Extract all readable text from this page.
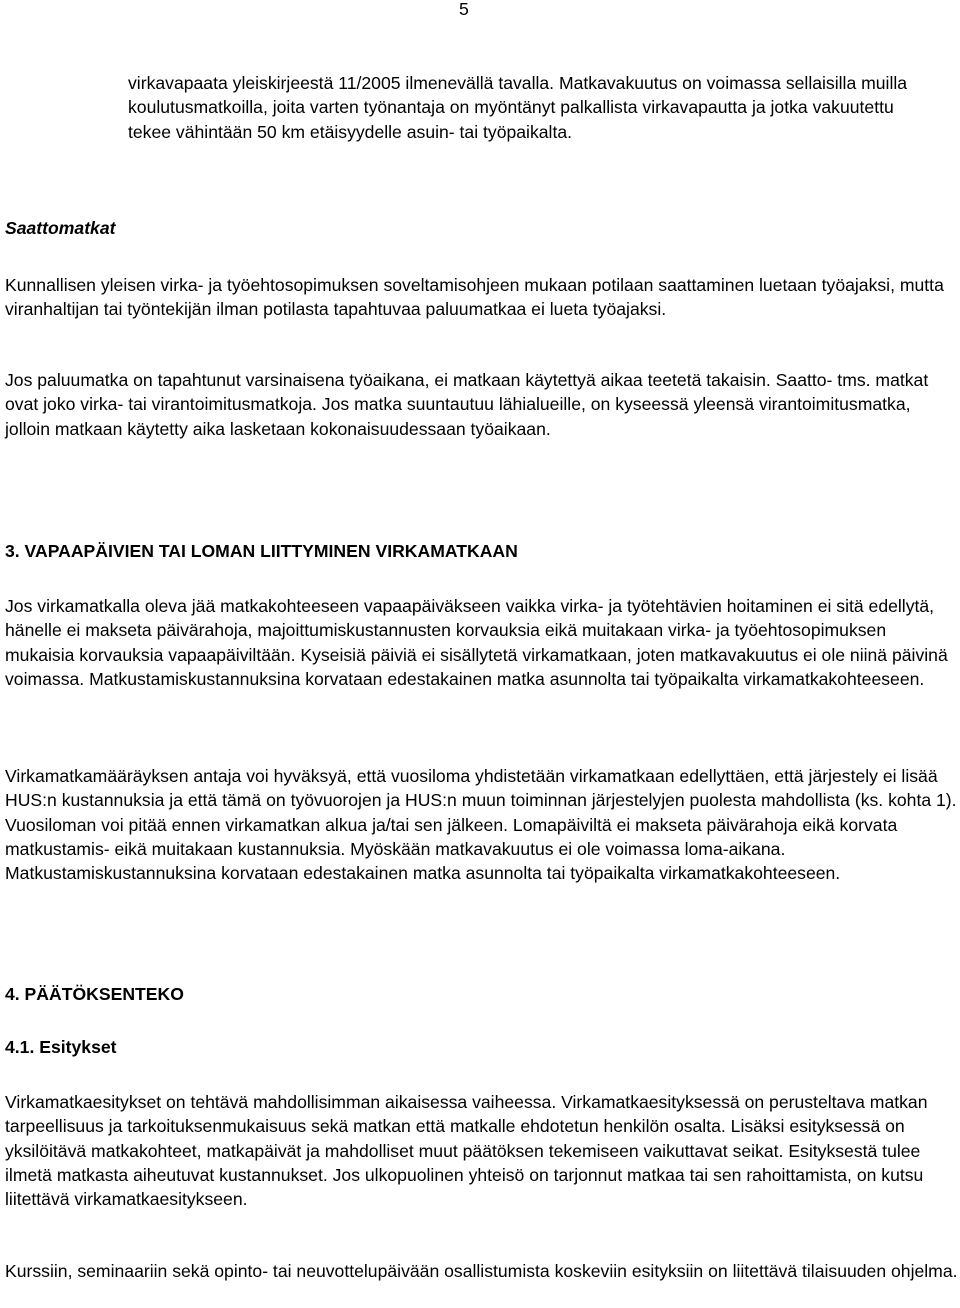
5

virkavapaata yleiskirjeestä 11/2005 ilmenevällä tavalla. Matkavakuutus on voimassa sellaisilla muilla koulutusmatkoilla, joita varten työnantaja on myöntänyt palkallista virkavapautta ja jotka vakuutettu tekee vähintään 50 km etäisyydelle asuin- tai työpaikalta.

Saattomatkat

Kunnallisen yleisen virka- ja työehtosopimuksen soveltamisohjeen mukaan potilaan saattaminen luetaan työajaksi, mutta viranhaltijan tai työntekijän ilman potilasta tapahtuvaa paluumatkaa ei lueta työajaksi.

Jos paluumatka on tapahtunut varsinaisena työaikana, ei matkaan käytettyä aikaa teetetä takaisin. Saatto- tms. matkat ovat joko virka- tai virantoimitusmatkoja. Jos matka suuntautuu lähialueille, on kyseessä yleensä virantoimitusmatka, jolloin matkaan käytetty aika lasketaan kokonaisuudessaan työaikaan.

3. VAPAAPÄIVIEN TAI LOMAN LIITTYMINEN VIRKAMATKAAN

Jos virkamatkalla oleva jää matkakohteeseen vapaapäiväkseen vaikka virka- ja työtehtävien hoitaminen ei sitä edellytä, hänelle ei makseta päivärahoja, majoittumiskustannusten korvauksia eikä muitakaan virka- ja työehtosopimuksen mukaisia korvauksia vapaapäiviltään. Kyseisiä päiviä ei sisällytetä virkamatkaan, joten matkavakuutus ei ole niinä päivinä voimassa. Matkustamiskustannuksina korvataan edestakainen matka asunnolta tai työpaikalta virkamatkakohteeseen.

Virkamatkamääräyksen antaja voi hyväksyä, että vuosiloma yhdistetään virkamatkaan edellyttäen, että järjestely ei lisää HUS:n kustannuksia ja että tämä on työvuorojen ja HUS:n muun toiminnan järjestelyjen puolesta mahdollista (ks. kohta 1). Vuosiloman voi pitää ennen virkamatkan alkua ja/tai sen jälkeen. Lomapäiviltä ei makseta päivärahoja eikä korvata matkustamis- eikä muitakaan kustannuksia. Myöskään matkavakuutus ei ole voimassa loma-aikana. Matkustamiskustannuksina korvataan edestakainen matka asunnolta tai työpaikalta virkamatkakohteeseen.

4. PÄÄTÖKSENTEKO

4.1. Esitykset

Virkamatkaesitykset on tehtävä mahdollisimman aikaisessa vaiheessa. Virkamatkaesityksessä on perusteltava matkan tarpeellisuus ja tarkoituksenmukaisuus sekä matkan että matkalle ehdotetun henkilön osalta. Lisäksi esityksessä on yksilöitävä matkakohteet, matkapäivät ja mahdolliset muut päätöksen tekemiseen vaikuttavat seikat. Esityksestä tulee ilmetä matkasta aiheutuvat kustannukset. Jos ulkopuolinen yhteisö on tarjonnut matkaa tai sen rahoittamista, on kutsu liitettävä virkamatkaesitykseen.

Kurssiin, seminaariin sekä opinto- tai neuvottelupäivään osallistumista koskeviin esityksiin on liitettävä tilaisuuden ohjelma.
